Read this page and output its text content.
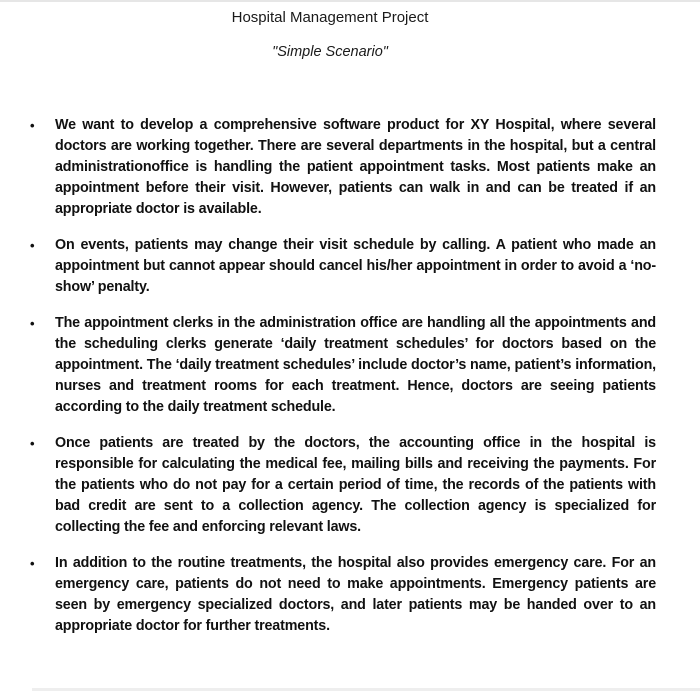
Hospital Management Project

"Simple Scenario"

• We want to develop a comprehensive software product for XY Hospital, where several doctors are working together. There are several departments in the hospital, but a central administrationoffice is handling the patient appointment tasks. Most patients make an appointment before their visit. However, patients can walk in and can be treated if an appropriate doctor is available.
• On events, patients may change their visit schedule by calling. A patient who made an appointment but cannot appear should cancel his/her appointment in order to avoid a ‘no-show’ penalty.
• The appointment clerks in the administration office are handling all the appointments and the scheduling clerks generate ‘daily treatment schedules’ for doctors based on the appointment. The ‘daily treatment schedules’ include doctor’s name, patient’s information, nurses and treatment rooms for each treatment. Hence, doctors are seeing patients according to the daily treatment schedule.
• Once patients are treated by the doctors, the accounting office in the hospital is responsible for calculating the medical fee, mailing bills and receiving the payments. For the patients who do not pay for a certain period of time, the records of the patients with bad credit are sent to a collection agency. The collection agency is specialized for collecting the fee and enforcing relevant laws.
• In addition to the routine treatments, the hospital also provides emergency care. For an emergency care, patients do not need to make appointments. Emergency patients are seen by emergency specialized doctors, and later patients may be handed over to an appropriate doctor for further treatments.
